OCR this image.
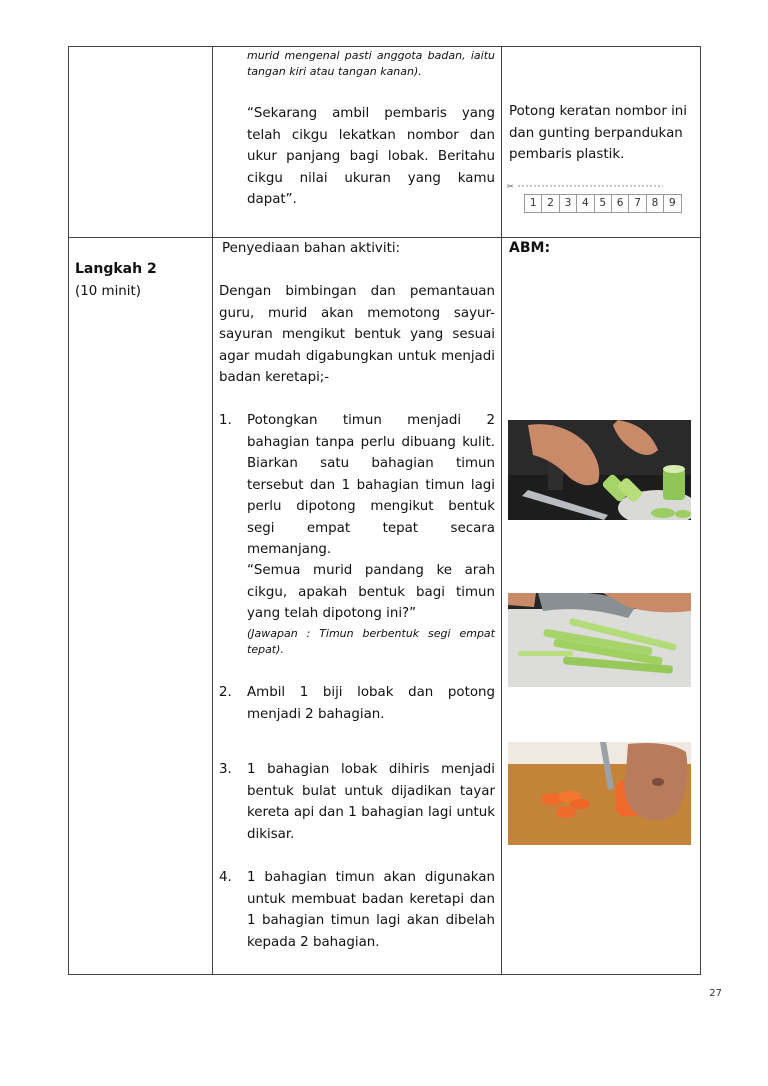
murid mengenal pasti anggota badan, iaitu tangan kiri atau tangan kanan).
“Sekarang ambil pembaris yang telah cikgu lekatkan nombor dan ukur panjang bagi lobak. Beritahu cikgu nilai ukuran yang kamu dapat”.
Potong keratan nombor ini dan gunting berpandukan pembaris plastik.
✂
1	2	3	4	5	6	7	8	9
Langkah 2
(10 minit)
Penyediaan bahan aktiviti:
Dengan bimbingan dan pemantauan guru, murid akan memotong sayur-sayuran mengikut bentuk yang sesuai agar mudah digabungkan untuk menjadi badan keretapi;-
1. Potongkan timun menjadi 2 bahagian tanpa perlu dibuang kulit. Biarkan satu bahagian timun tersebut dan 1 bahagian timun lagi perlu dipotong mengikut bentuk segi empat tepat secara memanjang.
“Semua murid pandang ke arah cikgu, apakah bentuk bagi timun yang telah dipotong ini?”
(Jawapan : Timun berbentuk segi empat tepat).
2. Ambil 1 biji lobak dan potong menjadi 2 bahagian.
3. 1 bahagian lobak dihiris menjadi bentuk bulat untuk dijadikan tayar kereta api dan 1 bahagian lagi untuk dikisar.
4. 1 bahagian timun akan digunakan untuk membuat badan keretapi dan 1 bahagian timun lagi akan dibelah kepada 2 bahagian.
ABM:
27
